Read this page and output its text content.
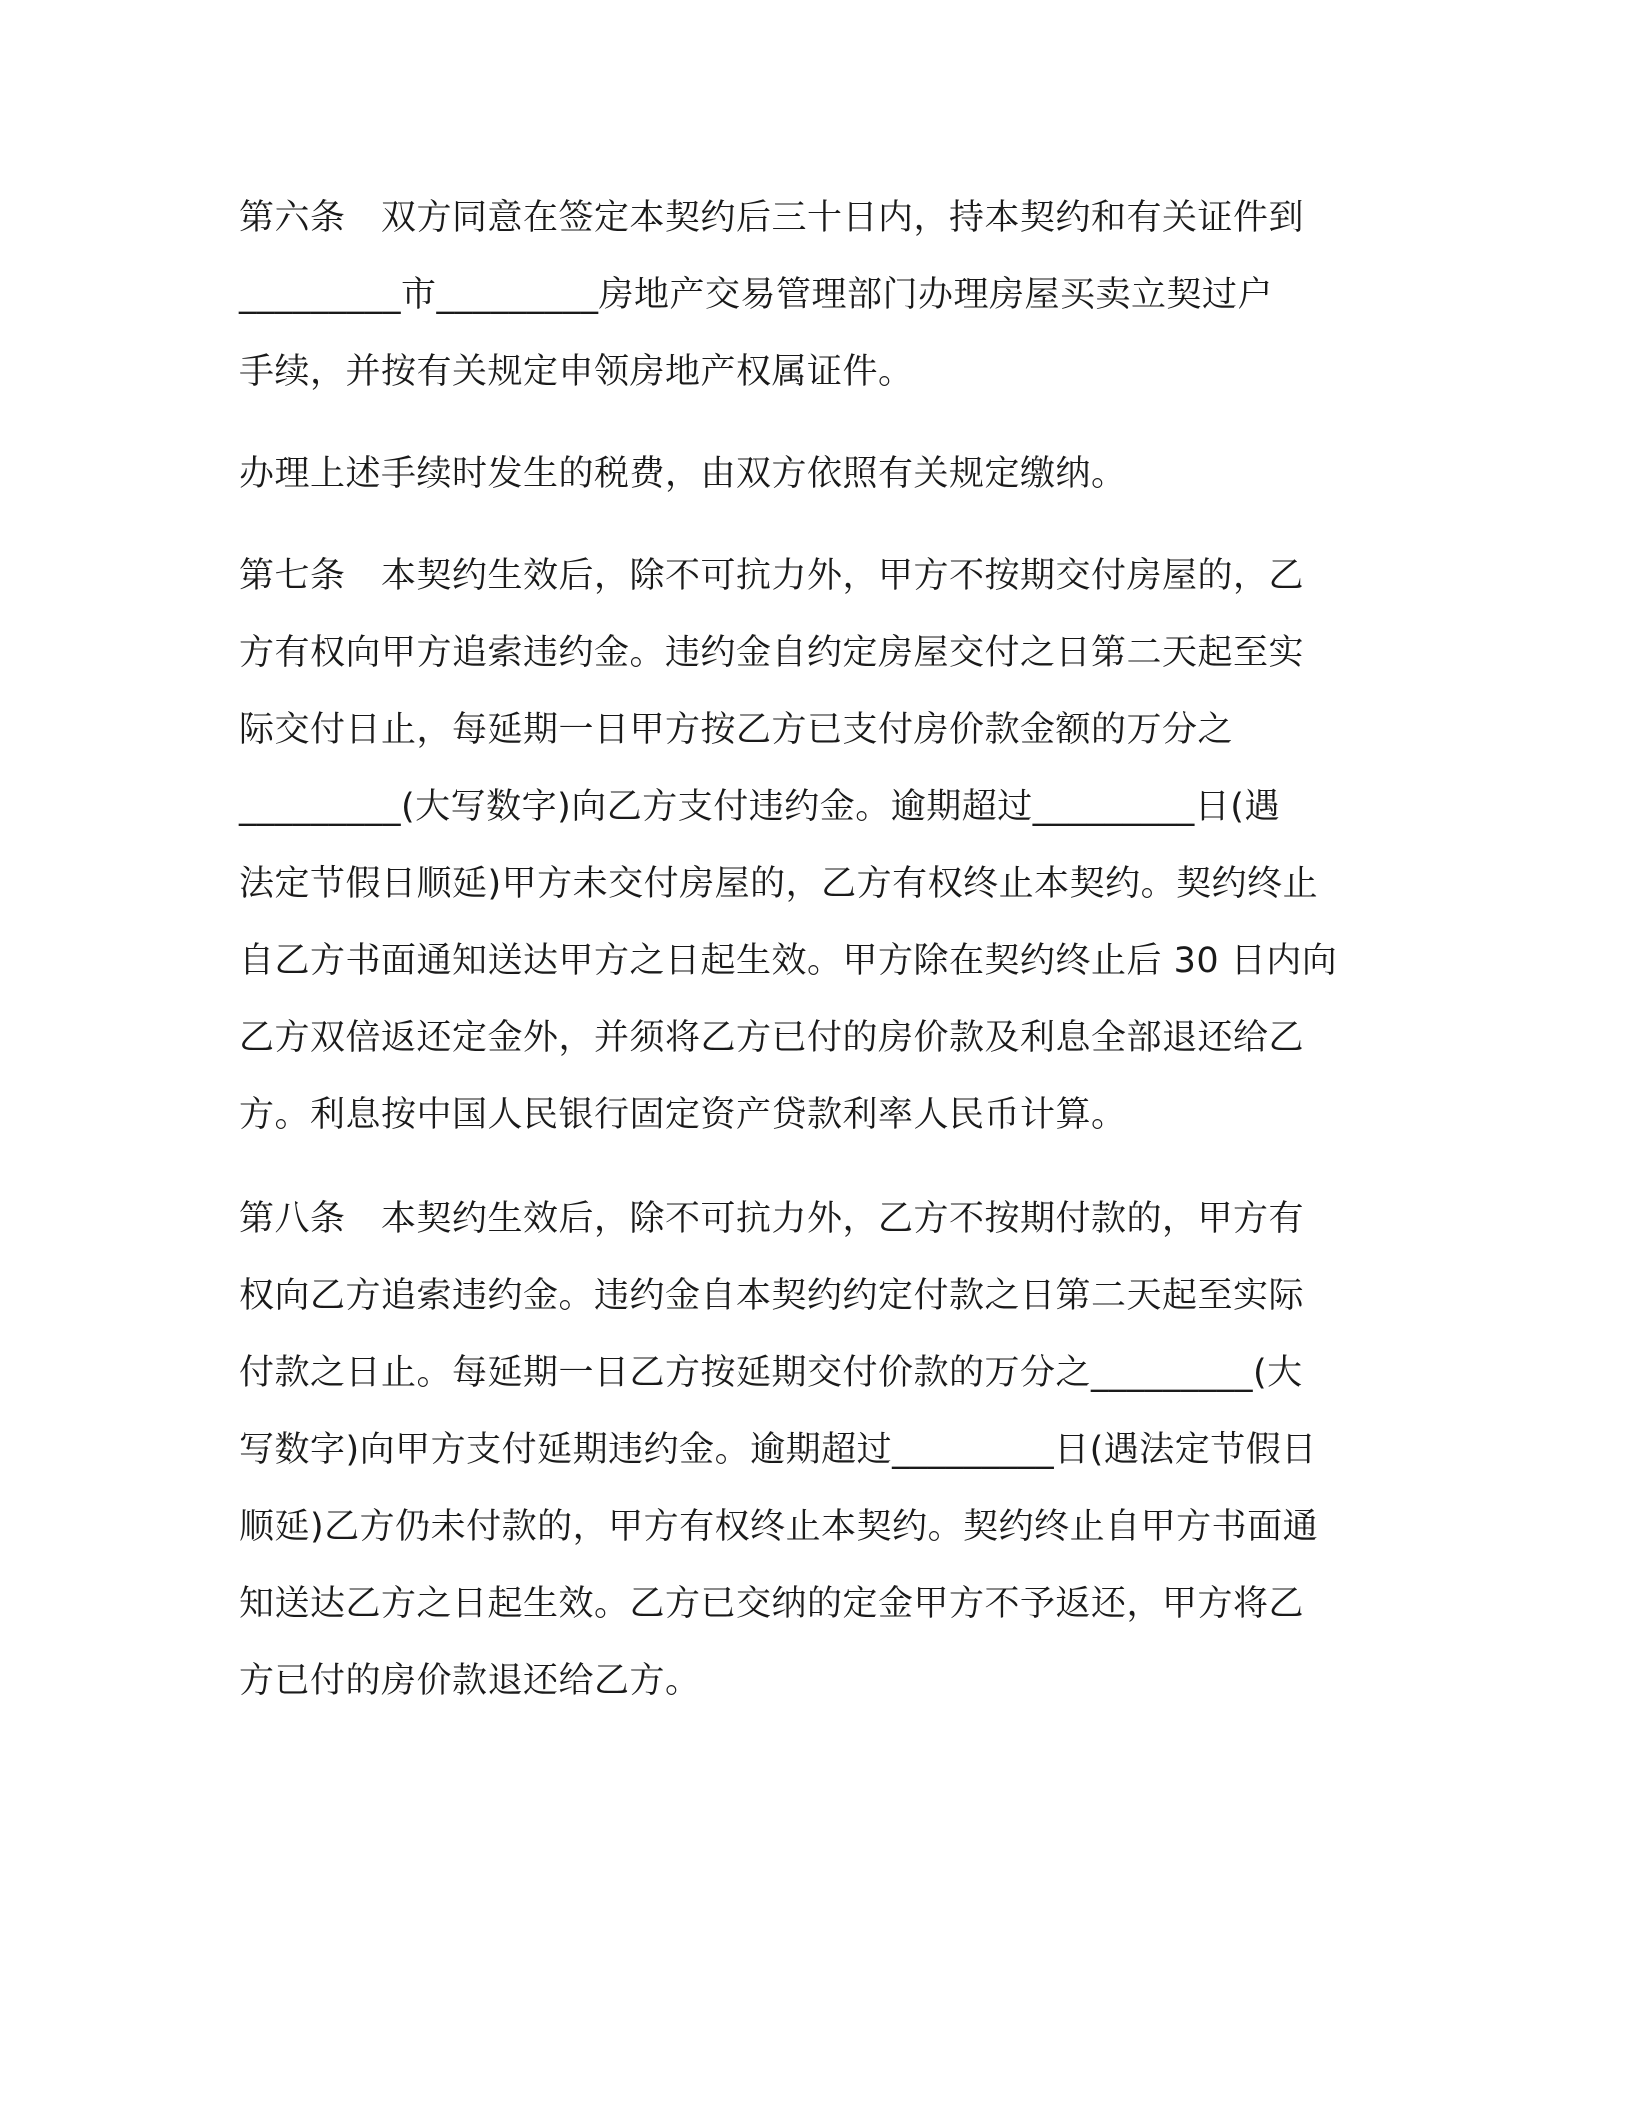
第六条　双方同意在签定本契约后三十日内，持本契约和有关证件到
_________市_________房地产交易管理部门办理房屋买卖立契过户
手续，并按有关规定申领房地产权属证件。

办理上述手续时发生的税费，由双方依照有关规定缴纳。

第七条　本契约生效后，除不可抗力外，甲方不按期交付房屋的，乙
方有权向甲方追索违约金。违约金自约定房屋交付之日第二天起至实
际交付日止，每延期一日甲方按乙方已支付房价款金额的万分之
_________(大写数字)向乙方支付违约金。逾期超过_________日(遇
法定节假日顺延)甲方未交付房屋的，乙方有权终止本契约。契约终止
自乙方书面通知送达甲方之日起生效。甲方除在契约终止后 30 日内向
乙方双倍返还定金外，并须将乙方已付的房价款及利息全部退还给乙
方。利息按中国人民银行固定资产贷款利率人民币计算。

第八条　本契约生效后，除不可抗力外，乙方不按期付款的，甲方有
权向乙方追索违约金。违约金自本契约约定付款之日第二天起至实际
付款之日止。每延期一日乙方按延期交付价款的万分之_________(大
写数字)向甲方支付延期违约金。逾期超过_________日(遇法定节假日
顺延)乙方仍未付款的，甲方有权终止本契约。契约终止自甲方书面通
知送达乙方之日起生效。乙方已交纳的定金甲方不予返还，甲方将乙
方已付的房价款退还给乙方。
